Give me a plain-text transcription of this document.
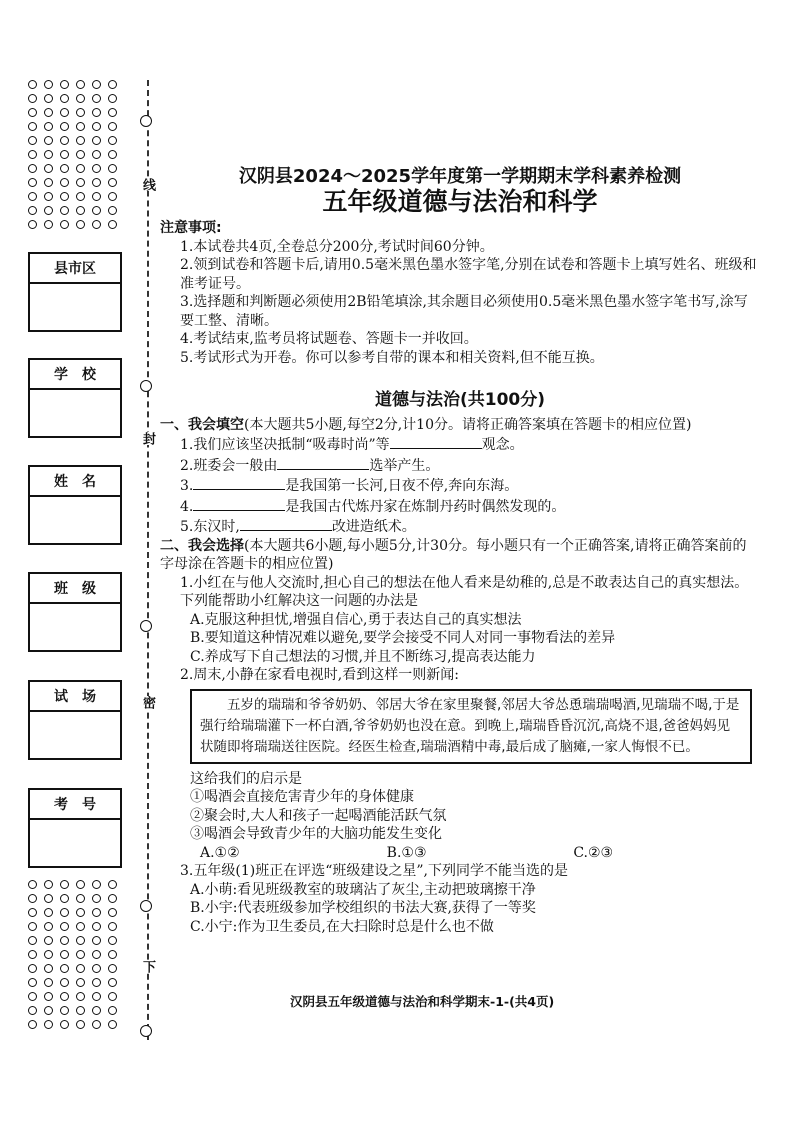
线
封
密
下
县市区
学　校
姓　名
班　级
试　场
考　号
汉阴县2024～2025学年度第一学期期末学科素养检测
五年级道德与法治和科学
注意事项:

1.本试卷共4页,全卷总分200分,考试时间60分钟。

2.领到试卷和答题卡后,请用0.5毫米黑色墨水签字笔,分别在试卷和答题卡上填写姓名、班级和准考证号。

3.选择题和判断题必须使用2B铅笔填涂,其余题目必须使用0.5毫米黑色墨水签字笔书写,涂写要工整、清晰。

4.考试结束,监考员将试题卷、答题卡一并收回。

5.考试形式为开卷。你可以参考自带的课本和相关资料,但不能互换。

道德与法治(共100分)

一、我会填空(本大题共5小题,每空2分,计10分。请将正确答案填在答题卡的相应位置)

1.我们应该坚决抵制“吸毒时尚”等	观念。

2.班委会一般由	选举产生。

3.	是我国第一长河,日夜不停,奔向东海。

4.	是我国古代炼丹家在炼制丹药时偶然发现的。

5.东汉时,	改进造纸术。

二、我会选择(本大题共6小题,每小题5分,计30分。每小题只有一个正确答案,请将正确答案前的字母涂在答题卡的相应位置)

1.小红在与他人交流时,担心自己的想法在他人看来是幼稚的,总是不敢表达自己的真实想法。下列能帮助小红解决这一问题的办法是

A.克服这种担忧,增强自信心,勇于表达自己的真实想法

B.要知道这种情况难以避免,要学会接受不同人对同一事物看法的差异

C.养成写下自己想法的习惯,并且不断练习,提高表达能力

2.周末,小静在家看电视时,看到这样一则新闻:

五岁的瑞瑞和爷爷奶奶、邻居大爷在家里聚餐,邻居大爷怂恿瑞瑞喝酒,见瑞瑞不喝,于是强行给瑞瑞灌下一杯白酒,爷爷奶奶也没在意。到晚上,瑞瑞昏昏沉沉,高烧不退,爸爸妈妈见状随即将瑞瑞送往医院。经医生检查,瑞瑞酒精中毒,最后成了脑瘫,一家人悔恨不已。

这给我们的启示是

①喝酒会直接危害青少年的身体健康

②聚会时,大人和孩子一起喝酒能活跃气氛

③喝酒会导致青少年的大脑功能发生变化

A.①②	B.①③	C.②③

3.五年级(1)班正在评选“班级建设之星”,下列同学不能当选的是

A.小萌:看见班级教室的玻璃沾了灰尘,主动把玻璃擦干净

B.小宇:代表班级参加学校组织的书法大赛,获得了一等奖

C.小宁:作为卫生委员,在大扫除时总是什么也不做

汉阴县五年级道德与法治和科学期末-1-(共4页)
